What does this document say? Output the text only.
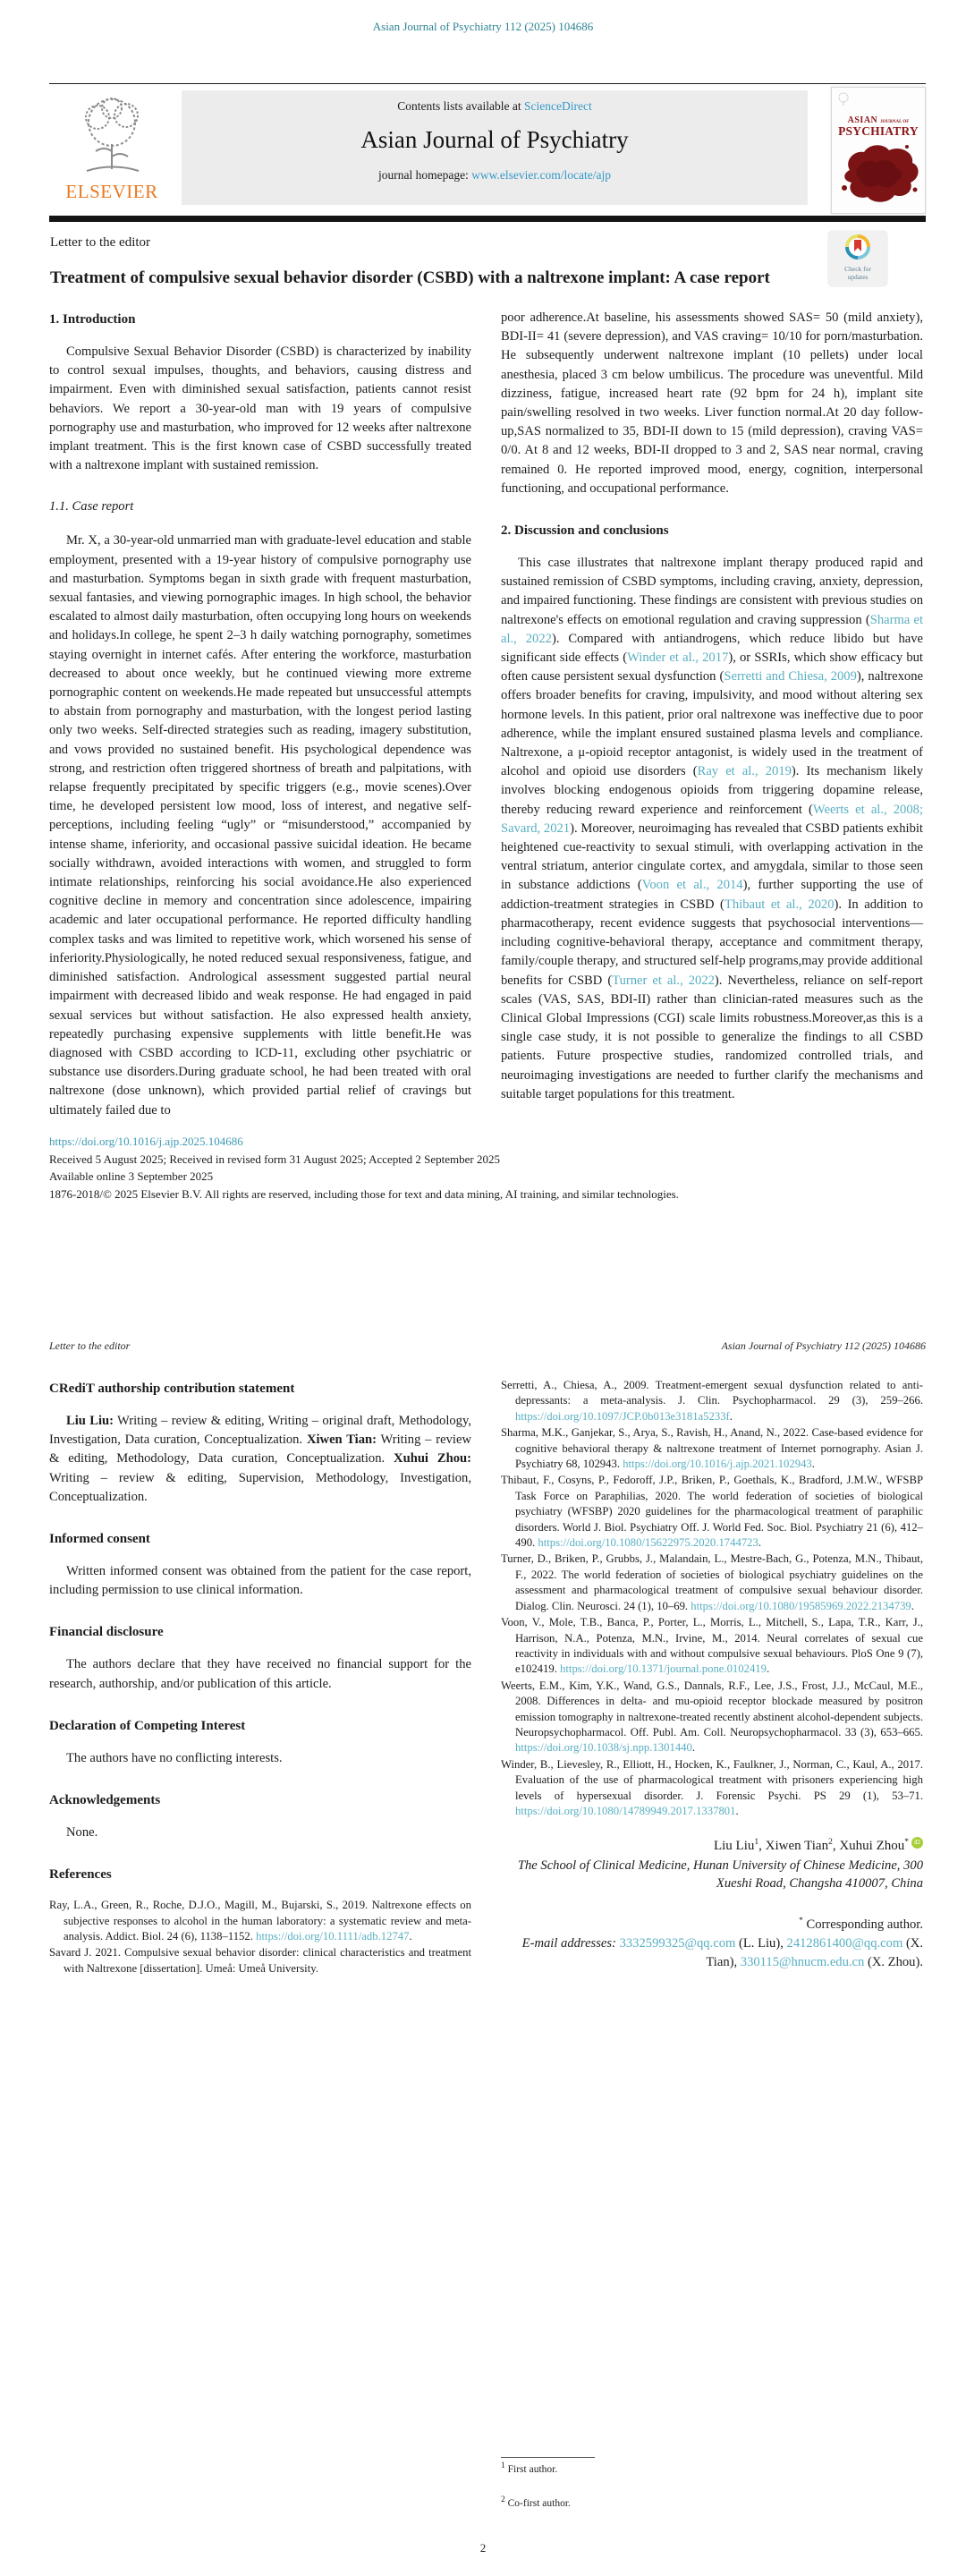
Asian Journal of Psychiatry 112 (2025) 104686
ELSEVIER
Contents lists available at ScienceDirect
Asian Journal of Psychiatry
journal homepage: www.elsevier.com/locate/ajp
ASIAN JOURNAL OF
PSYCHIATRY
Letter to the editor
Treatment of compulsive sexual behavior disorder (CSBD) with a naltrexone implant: A case report	Check for
updates
1. Introduction

Compulsive Sexual Behavior Disorder (CSBD) is characterized by inability to control sexual impulses, thoughts, and behaviors, causing distress and impairment. Even with diminished sexual satisfaction, patients cannot resist behaviors. We report a 30-year-old man with 19 years of compulsive pornography use and masturbation, who improved for 12 weeks after naltrexone implant treatment. This is the first known case of CSBD successfully treated with a naltrexone implant with sustained remission.

1.1. Case report

Mr. X, a 30-year-old unmarried man with graduate-level education and stable employment, presented with a 19-year history of compulsive pornography use and masturbation. Symptoms began in sixth grade with frequent masturbation, sexual fantasies, and viewing pornographic images. In high school, the behavior escalated to almost daily masturbation, often occupying long hours on weekends and holidays.In college, he spent 2–3 h daily watching pornography, sometimes staying overnight in internet cafés. After entering the workforce, masturbation decreased to about once weekly, but he continued viewing more extreme pornographic content on weekends.He made repeated but unsuccessful attempts to abstain from pornography and masturbation, with the longest period lasting only two weeks. Self-directed strategies such as reading, imagery substitution, and vows provided no sustained benefit. His psychological dependence was strong, and restriction often triggered shortness of breath and palpitations, with relapse frequently precipitated by specific triggers (e.g., movie scenes).Over time, he developed persistent low mood, loss of interest, and negative self-perceptions, including feeling “ugly” or “misunderstood,” accompanied by intense shame, inferiority, and occasional passive suicidal ideation. He became socially withdrawn, avoided interactions with women, and struggled to form intimate relationships, reinforcing his social avoidance.He also experienced cognitive decline in memory and concentration since adolescence, impairing academic and later occupational performance. He reported difficulty handling complex tasks and was limited to repetitive work, which worsened his sense of inferiority.Physiologically, he noted reduced sexual responsiveness, fatigue, and diminished satisfaction. Andrological assessment suggested partial neural impairment with decreased libido and weak response. He had engaged in paid sexual services but without satisfaction. He also expressed health anxiety, repeatedly purchasing expensive supplements with little benefit.He was diagnosed with CSBD according to ICD-11, excluding other psychiatric or substance use disorders.During graduate school, he had been treated with oral naltrexone (dose unknown), which provided partial relief of cravings but ultimately failed due to

poor adherence.At baseline, his assessments showed SAS= 50 (mild anxiety), BDI-II= 41 (severe depression), and VAS craving= 10/10 for porn/masturbation. He subsequently underwent naltrexone implant (10 pellets) under local anesthesia, placed 3 cm below umbilicus. The procedure was uneventful. Mild dizziness, fatigue, increased heart rate (92 bpm for 24 h), implant site pain/swelling resolved in two weeks. Liver function normal.At 20 day follow-up,SAS normalized to 35, BDI-II down to 15 (mild depression), craving VAS= 0/0. At 8 and 12 weeks, BDI-II dropped to 3 and 2, SAS near normal, craving remained 0. He reported improved mood, energy, cognition, interpersonal functioning, and occupational performance.

2. Discussion and conclusions

This case illustrates that naltrexone implant therapy produced rapid and sustained remission of CSBD symptoms, including craving, anxiety, depression, and impaired functioning. These findings are consistent with previous studies on naltrexone's effects on emotional regulation and craving suppression (Sharma et al., 2022). Compared with antiandrogens, which reduce libido but have significant side effects (Winder et al., 2017), or SSRIs, which show efficacy but often cause persistent sexual dysfunction (Serretti and Chiesa, 2009), naltrexone offers broader benefits for craving, impulsivity, and mood without altering sex hormone levels. In this patient, prior oral naltrexone was ineffective due to poor adherence, while the implant ensured sustained plasma levels and compliance. Naltrexone, a μ-opioid receptor antagonist, is widely used in the treatment of alcohol and opioid use disorders (Ray et al., 2019). Its mechanism likely involves blocking endogenous opioids from triggering dopamine release, thereby reducing reward experience and reinforcement (Weerts et al., 2008; Savard, 2021). Moreover, neuroimaging has revealed that CSBD patients exhibit heightened cue-reactivity to sexual stimuli, with overlapping activation in the ventral striatum, anterior cingulate cortex, and amygdala, similar to those seen in substance addictions (Voon et al., 2014), further supporting the use of addiction-treatment strategies in CSBD (Thibaut et al., 2020). In addition to pharmacotherapy, recent evidence suggests that psychosocial interventions—including cognitive-behavioral therapy, acceptance and commitment therapy, family/couple therapy, and structured self-help programs,may provide additional benefits for CSBD (Turner et al., 2022). Nevertheless, reliance on self-report scales (VAS, SAS, BDI-II) rather than clinician-rated measures such as the Clinical Global Impressions (CGI) scale limits robustness.Moreover,as this is a single case study, it is not possible to generalize the findings to all CSBD patients. Future prospective studies, randomized controlled trials, and neuroimaging investigations are needed to further clarify the mechanisms and suitable target populations for this treatment.

https://doi.org/10.1016/j.ajp.2025.104686
Received 5 August 2025; Received in revised form 31 August 2025; Accepted 2 September 2025
Available online 3 September 2025
1876-2018/© 2025 Elsevier B.V. All rights are reserved, including those for text and data mining, AI training, and similar technologies.
Letter to the editor	Asian Journal of Psychiatry 112 (2025) 104686
CRediT authorship contribution statement

Liu Liu: Writing – review & editing, Writing – original draft, Methodology, Investigation, Data curation, Conceptualization. Xiwen Tian: Writing – review & editing, Methodology, Data curation, Conceptualization. Xuhui Zhou: Writing – review & editing, Supervision, Methodology, Investigation, Conceptualization.

Informed consent

Written informed consent was obtained from the patient for the case report, including permission to use clinical information.

Financial disclosure

The authors declare that they have received no financial support for the research, authorship, and/or publication of this article.

Declaration of Competing Interest

The authors have no conflicting interests.

Acknowledgements

None.

References
Ray, L.A., Green, R., Roche, D.J.O., Magill, M., Bujarski, S., 2019. Naltrexone effects on subjective responses to alcohol in the human laboratory: a systematic review and meta-analysis. Addict. Biol. 24 (6), 1138–1152. https://doi.org/10.1111/adb.12747.
Savard J. 2021. Compulsive sexual behavior disorder: clinical characteristics and treatment with Naltrexone [dissertation]. Umeå: Umeå University.
Serretti, A., Chiesa, A., 2009. Treatment-emergent sexual dysfunction related to anti-depressants: a meta-analysis. J. Clin. Psychopharmacol. 29 (3), 259–266. https://doi.org/10.1097/JCP.0b013e3181a5233f.
Sharma, M.K., Ganjekar, S., Arya, S., Ravish, H., Anand, N., 2022. Case-based evidence for cognitive behavioral therapy & naltrexone treatment of Internet pornography. Asian J. Psychiatry 68, 102943. https://doi.org/10.1016/j.ajp.2021.102943.
Thibaut, F., Cosyns, P., Fedoroff, J.P., Briken, P., Goethals, K., Bradford, J.M.W., WFSBP Task Force on Paraphilias, 2020. The world federation of societies of biological psychiatry (WFSBP) 2020 guidelines for the pharmacological treatment of paraphilic disorders. World J. Biol. Psychiatry Off. J. World Fed. Soc. Biol. Psychiatry 21 (6), 412–490. https://doi.org/10.1080/15622975.2020.1744723.
Turner, D., Briken, P., Grubbs, J., Malandain, L., Mestre-Bach, G., Potenza, M.N., Thibaut, F., 2022. The world federation of societies of biological psychiatry guidelines on the assessment and pharmacological treatment of compulsive sexual behaviour disorder. Dialog. Clin. Neurosci. 24 (1), 10–69. https://doi.org/10.1080/19585969.2022.2134739.
Voon, V., Mole, T.B., Banca, P., Porter, L., Morris, L., Mitchell, S., Lapa, T.R., Karr, J., Harrison, N.A., Potenza, M.N., Irvine, M., 2014. Neural correlates of sexual cue reactivity in individuals with and without compulsive sexual behaviours. PloS One 9 (7), e102419. https://doi.org/10.1371/journal.pone.0102419.
Weerts, E.M., Kim, Y.K., Wand, G.S., Dannals, R.F., Lee, J.S., Frost, J.J., McCaul, M.E., 2008. Differences in delta- and mu-opioid receptor blockade measured by positron emission tomography in naltrexone-treated recently abstinent alcohol-dependent subjects. Neuropsychopharmacol. Off. Publ. Am. Coll. Neuropsychopharmacol. 33 (3), 653–665. https://doi.org/10.1038/sj.npp.1301440.
Winder, B., Lievesley, R., Elliott, H., Hocken, K., Faulkner, J., Norman, C., Kaul, A., 2017. Evaluation of the use of pharmacological treatment with prisoners experiencing high levels of hypersexual disorder. J. Forensic Psychi. PS 29 (1), 53–71. https://doi.org/10.1080/14789949.2017.1337801.
Liu Liu$^1$, Xiwen Tian$^2$, Xuhui Zhou* iD
The School of Clinical Medicine, Hunan University of Chinese Medicine, 300 Xueshi Road, Changsha 410007, China
* Corresponding author.
E-mail addresses: 3332599325@qq.com (L. Liu), 2412861400@qq.com (X. Tian), 330115@hnucm.edu.cn (X. Zhou).
$^1$ First author.
$^2$ Co-first author.
2
